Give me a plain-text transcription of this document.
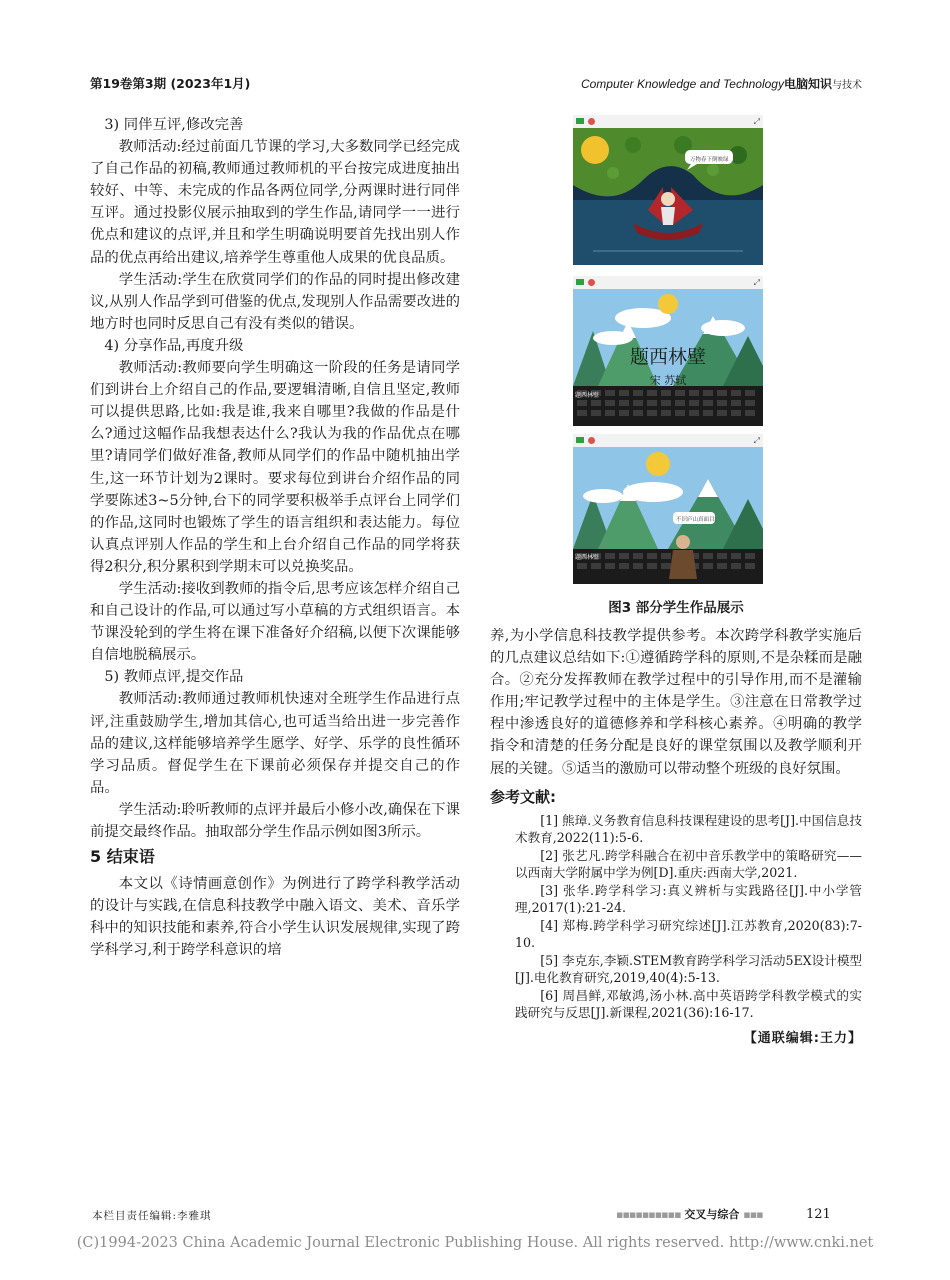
第19卷第3期 (2023年1月)	Computer Knowledge and Technology电脑知识与技术

3) 同伴互评,修改完善

教师活动:经过前面几节课的学习,大多数同学已经完成了自己作品的初稿,教师通过教师机的平台按完成进度抽出较好、中等、未完成的作品各两位同学,分两课时进行同伴互评。通过投影仪展示抽取到的学生作品,请同学一一进行优点和建议的点评,并且和学生明确说明要首先找出别人作品的优点再给出建议,培养学生尊重他人成果的优良品质。

学生活动:学生在欣赏同学们的作品的同时提出修改建议,从别人作品学到可借鉴的优点,发现别人作品需要改进的地方时也同时反思自己有没有类似的错误。

4) 分享作品,再度升级

教师活动:教师要向学生明确这一阶段的任务是请同学们到讲台上介绍自己的作品,要逻辑清晰,自信且坚定,教师可以提供思路,比如:我是谁,我来自哪里?我做的作品是什么?通过这幅作品我想表达什么?我认为我的作品优点在哪里?请同学们做好准备,教师从同学们的作品中随机抽出学生,这一环节计划为2课时。要求每位到讲台介绍作品的同学要陈述3~5分钟,台下的同学要积极举手点评台上同学们的作品,这同时也锻炼了学生的语言组织和表达能力。每位认真点评别人作品的学生和上台介绍自己作品的同学将获得2积分,积分累积到学期末可以兑换奖品。

学生活动:接收到教师的指令后,思考应该怎样介绍自己和自己设计的作品,可以通过写小草稿的方式组织语言。本节课没轮到的学生将在课下准备好介绍稿,以便下次课能够自信地脱稿展示。

5) 教师点评,提交作品

教师活动:教师通过教师机快速对全班学生作品进行点评,注重鼓励学生,增加其信心,也可适当给出进一步完善作品的建议,这样能够培养学生愿学、好学、乐学的良性循环学习品质。督促学生在下课前必须保存并提交自己的作品。

学生活动:聆听教师的点评并最后小修小改,确保在下课前提交最终作品。抽取部分学生作品示例如图3所示。

5 结束语

本文以《诗情画意创作》为例进行了跨学科教学活动的设计与实践,在信息科技教学中融入语文、美术、音乐学科中的知识技能和素养,符合小学生认识发展规律,实现了跨学科学习,利于跨学科意识的培

万物春下倒映绿
⤢
题西林壁
宋 苏轼
题西林壁
⤢
不识庐山真面目。
题西林壁
⤢
图3 部分学生作品展示

养,为小学信息科技教学提供参考。本次跨学科教学实施后的几点建议总结如下:①遵循跨学科的原则,不是杂糅而是融合。②充分发挥教师在教学过程中的引导作用,而不是灌输作用;牢记教学过程中的主体是学生。③注意在日常教学过程中渗透良好的道德修养和学科核心素养。④明确的教学指令和清楚的任务分配是良好的课堂氛围以及教学顺利开展的关键。⑤适当的激励可以带动整个班级的良好氛围。

参考文献:

[1] 熊璋.义务教育信息科技课程建设的思考[J].中国信息技术教育,2022(11):5-6.

[2] 张艺凡.跨学科融合在初中音乐教学中的策略研究——以西南大学附属中学为例[D].重庆:西南大学,2021.

[3] 张华.跨学科学习:真义辨析与实践路径[J].中小学管理,2017(1):21-24.

[4] 郑梅.跨学科学习研究综述[J].江苏教育,2020(83):7-10.

[5] 李克东,李颖.STEM教育跨学科学习活动5EX设计模型[J].电化教育研究,2019,40(4):5-13.

[6] 周昌鲜,邓敏鸿,汤小林.高中英语跨学科教学模式的实践研究与反思[J].新课程,2021(36):16-17.

【通联编辑:王力】
本栏目责任编辑:李雅琪	▪▪▪▪▪▪▪▪▪▪ 交叉与综合 ▪▪▪	121
(C)1994-2023 China Academic Journal Electronic Publishing House. All rights reserved. http://www.cnki.net
